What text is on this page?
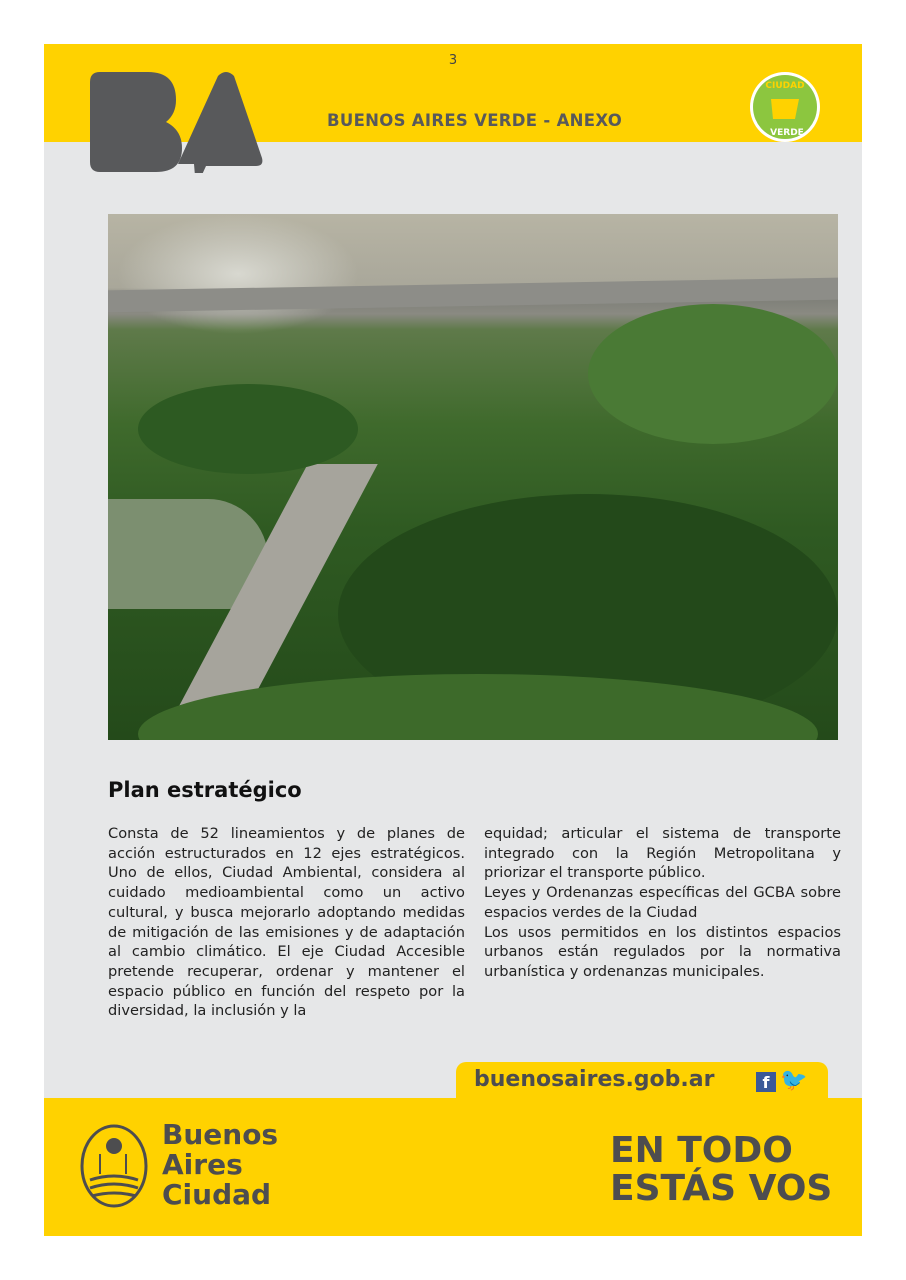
3
BUENOS AIRES VERDE - ANEXO
CIUDAD
VERDE
Plan estratégico

Consta de 52 lineamientos y de planes de acción estructurados en 12 ejes estratégicos. Uno de ellos, Ciudad Ambiental, considera al cuidado medioambiental como un activo cultural, y busca mejorarlo adoptando medidas de mitigación de las emisiones y de adaptación al cambio climático. El eje Ciudad Accesible pretende recuperar, ordenar y mantener el espacio público en función del respeto por la diversidad, la inclusión y la

equidad; articular el sistema de transporte integrado con la Región Metropolitana y priorizar el transporte público.

Leyes y Ordenanzas específicas del GCBA sobre espacios verdes de la Ciudad

Los usos permitidos en los distintos espacios urbanos están regulados por la normativa urbanística y ordenanzas municipales.

buenosaires.gob.ar	f 🐦
Buenos
Aires
Ciudad
EN TODO
ESTÁS VOS
